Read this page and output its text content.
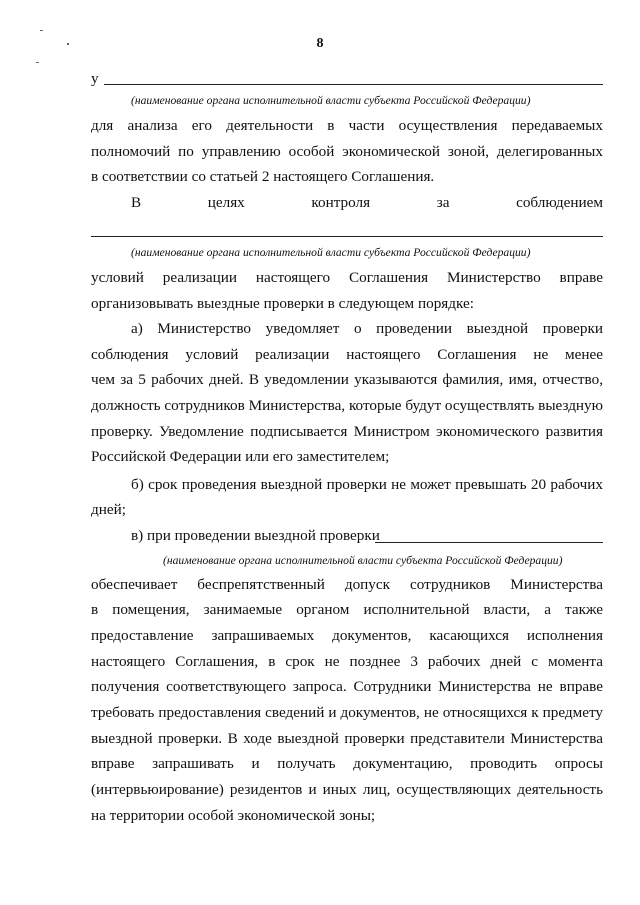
8
у
(наименование органа исполнительной власти субъекта Российской Федерации)
для анализа его деятельности в части осуществления передаваемых
полномочий по управлению особой экономической зоной, делегированных
в соответствии со статьей 2 настоящего Соглашения.
В целях контроля за соблюдением
(наименование органа исполнительной власти субъекта Российской Федерации)
условий реализации настоящего Соглашения Министерство вправе
организовывать выездные проверки в следующем порядке:
а) Министерство уведомляет о проведении выездной проверки
соблюдения условий реализации настоящего Соглашения не менее
чем за 5 рабочих дней. В уведомлении указываются фамилия, имя, отчество,
должность сотрудников Министерства, которые будут осуществлять выездную
проверку. Уведомление подписывается Министром экономического развития
Российской Федерации или его заместителем;
б) срок проведения выездной проверки не может превышать 20 рабочих
дней;
в) при проведении выездной проверки
(наименование органа исполнительной власти субъекта Российской Федерации)
обеспечивает беспрепятственный допуск сотрудников Министерства
в помещения, занимаемые органом исполнительной власти, а также
предоставление запрашиваемых документов, касающихся исполнения
настоящего Соглашения, в срок не позднее 3 рабочих дней с момента
получения соответствующего запроса. Сотрудники Министерства не вправе
требовать предоставления сведений и документов, не относящихся к предмету
выездной проверки. В ходе выездной проверки представители Министерства
вправе запрашивать и получать документацию, проводить опросы
(интервьюирование) резидентов и иных лиц, осуществляющих деятельность
на территории особой экономической зоны;
